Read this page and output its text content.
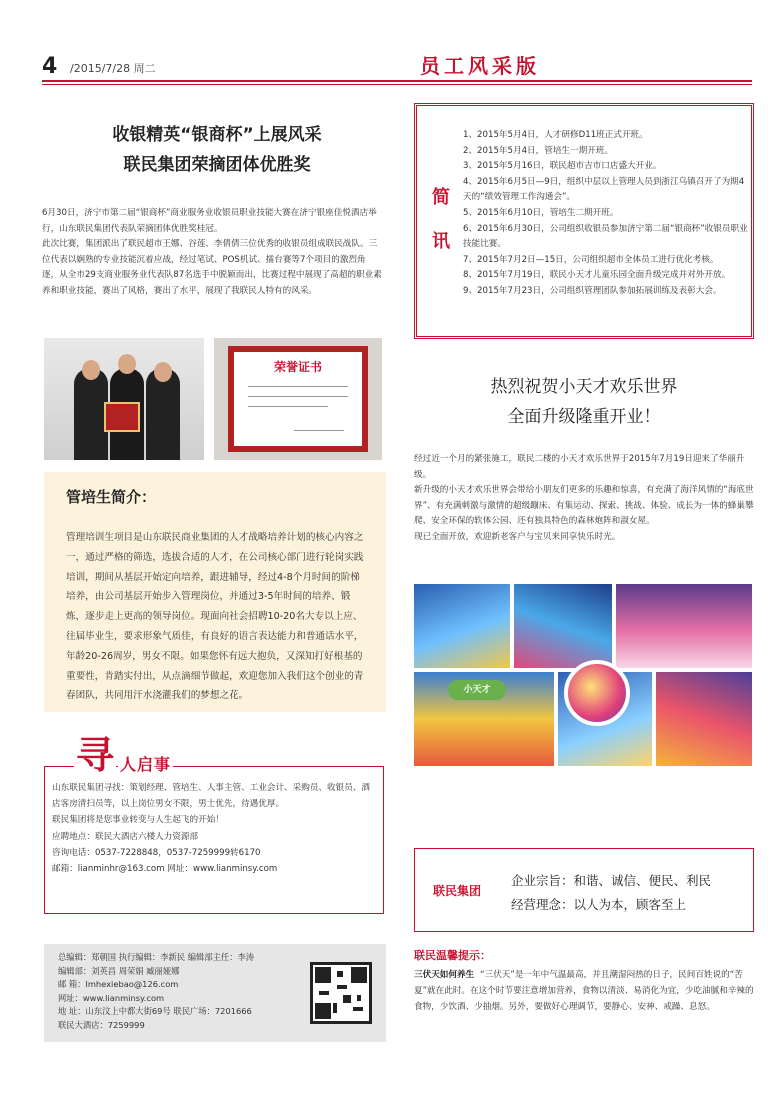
4 /2015/7/28 周二	员工风采版
收银精英“银商杯”上展风采
联民集团荣摘团体优胜奖

6月30日，济宁市第二届“银商杯”商业服务业收银员职业技能大赛在济宁银座佳悦酒店举行，山东联民集团代表队荣摘团体优胜奖桂冠。

此次比赛，集团派出了联民超市王娜、谷莲、李倩倩三位优秀的收银员组成联民战队。三位代表以娴熟的专业技能沉着应战，经过笔试、POS机试、擂台赛等7个项目的激烈角逐，从全市29支商业服务业代表队87名选手中脱颖而出，比赛过程中展现了高超的职业素养和职业技能，赛出了风格，赛出了水平，展现了我联民人特有的风采。

荣誉证书
管培生简介：
管理培训生项目是山东联民商业集团的人才战略培养计划的核心内容之一，通过严格的筛选，选拔合适的人才，在公司核心部门进行轮岗实践培训，期间从基层开始定向培养，跟进辅导，经过4-8个月时间的阶梯培养，由公司基层开始步入管理岗位，并通过3-5年时间的培养、锻炼，逐步走上更高的领导岗位。现面向社会招聘10-20名大专以上应、往届毕业生，要求形象气质佳，有良好的语言表达能力和普通话水平，年龄20-26周岁，男女不限。如果您怀有远大抱负，又深知打好根基的重要性，肯踏实付出，从点滴细节做起，欢迎您加入我们这个创业的青春团队，共同用汗水浇灌我们的梦想之花。
寻 人启事

山东联民集团寻找：策划经理、管培生、人事主管、工业会计、采购员、收银员、酒店客房清扫员等，以上岗位男女不限，男士优先，待遇优厚。

联民集团将是您事业转变与人生起飞的开始！

应聘地点：联民大酒店六楼人力资源部

咨询电话：0537-7228848，0537-7259999转6170

邮箱：lianminhr@163.com 网址：www.lianminsy.com

总编辑：郑朝国 执行编辑：李新民 编辑部主任：李涛
编辑部：刘英昌 周荣娟 臧丽娅娜
邮 箱：lmhexiebao@126.com
网址：www.lianminsy.com
地 址：山东汶上中都大街69号 联民广场：7201666
联民大酒店：7259999
简讯
1、2015年5月4日，人才研修D11班正式开班。
2、2015年5月4日，管培生一期开班。
3、2015年5月16日，联民超市吉市口店盛大开业。
4、2015年6月5日—9日，组织中层以上管理人员到浙江乌镇召开了为期4天的“绩效管理工作沟通会”。
5、2015年6月10日，管培生二期开班。
6、2015年6月30日，公司组织收银员参加济宁第二届“银商杯”收银员职业技能比赛。
7、2015年7月2日—15日，公司组织超市全体员工进行优化考核。
8、2015年7月19日，联民小天才儿童乐园全面升级完成并对外开放。
9、2015年7月23日，公司组织管理团队参加拓展训练及表彰大会。
热烈祝贺小天才欢乐世界
全面升级隆重开业！

经过近一个月的紧张施工，联民二楼的小天才欢乐世界于2015年7月19日迎来了华丽升级。

新升级的小天才欢乐世界会带给小朋友们更多的乐趣和惊喜，有充满了海洋风情的“海底世界”、有充满刺激与激情的超级蹦床、有集运动、探索、挑战、体验、成长为一体的蜂巢攀爬、安全环保的软体公园、还有独具特色的森林炮阵和淑女屋。

现已全面开放，欢迎新老客户与宝贝来同享快乐时光。

小天才
联民集团
企业宗旨：和谐、诚信、便民、利民
经营理念：以人为本，顾客至上
联民温馨提示：
三伏天如何养生 “三伏天”是一年中气温最高，并且潮湿闷热的日子，民间百姓说的“苦夏”就在此时。在这个时节要注意增加营养，食物以清淡、易消化为宜，少吃油腻和辛辣的食物，少饮酒、少抽烟。另外，要做好心理调节，要静心、安神、戒躁、息怒。
